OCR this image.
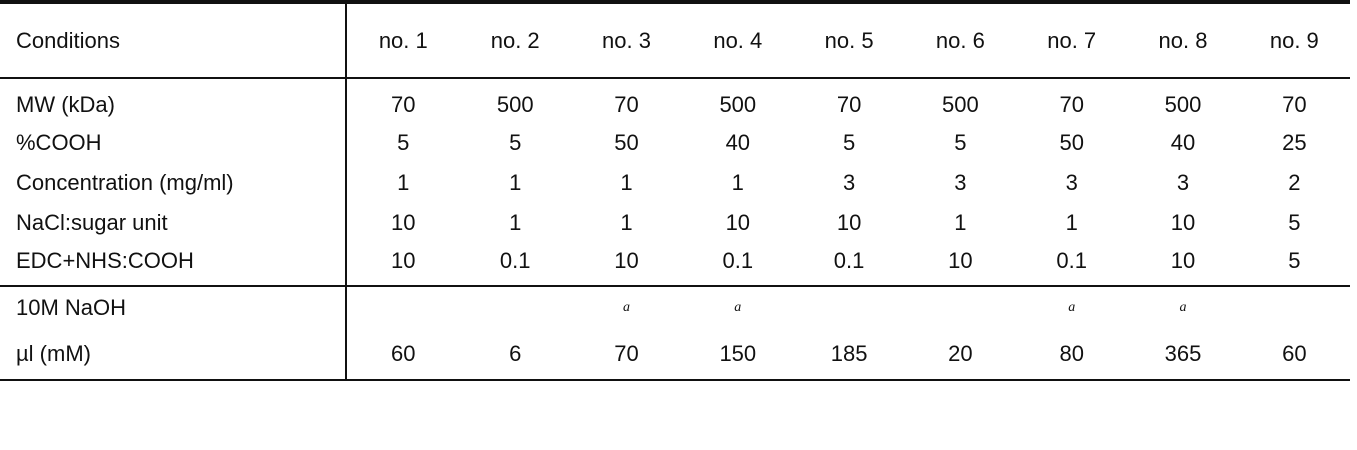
Conditions	no. 1	no. 2	no. 3	no. 4	no. 5	no. 6	no. 7	no. 8	no. 9
MW (kDa)	70	500	70	500	70	500	70	500	70
%COOH	5	5	50	40	5	5	50	40	25
Concentration (mg/ml)	1	1	1	1	3	3	3	3	2
NaCl:sugar unit	10	1	1	10	10	1	1	10	5
EDC+NHS:COOH	10	0.1	10	0.1	0.1	10	0.1	10	5
10M NaOH			a	a			a	a	
µl (mM)	60	6	70	150	185	20	80	365	60
